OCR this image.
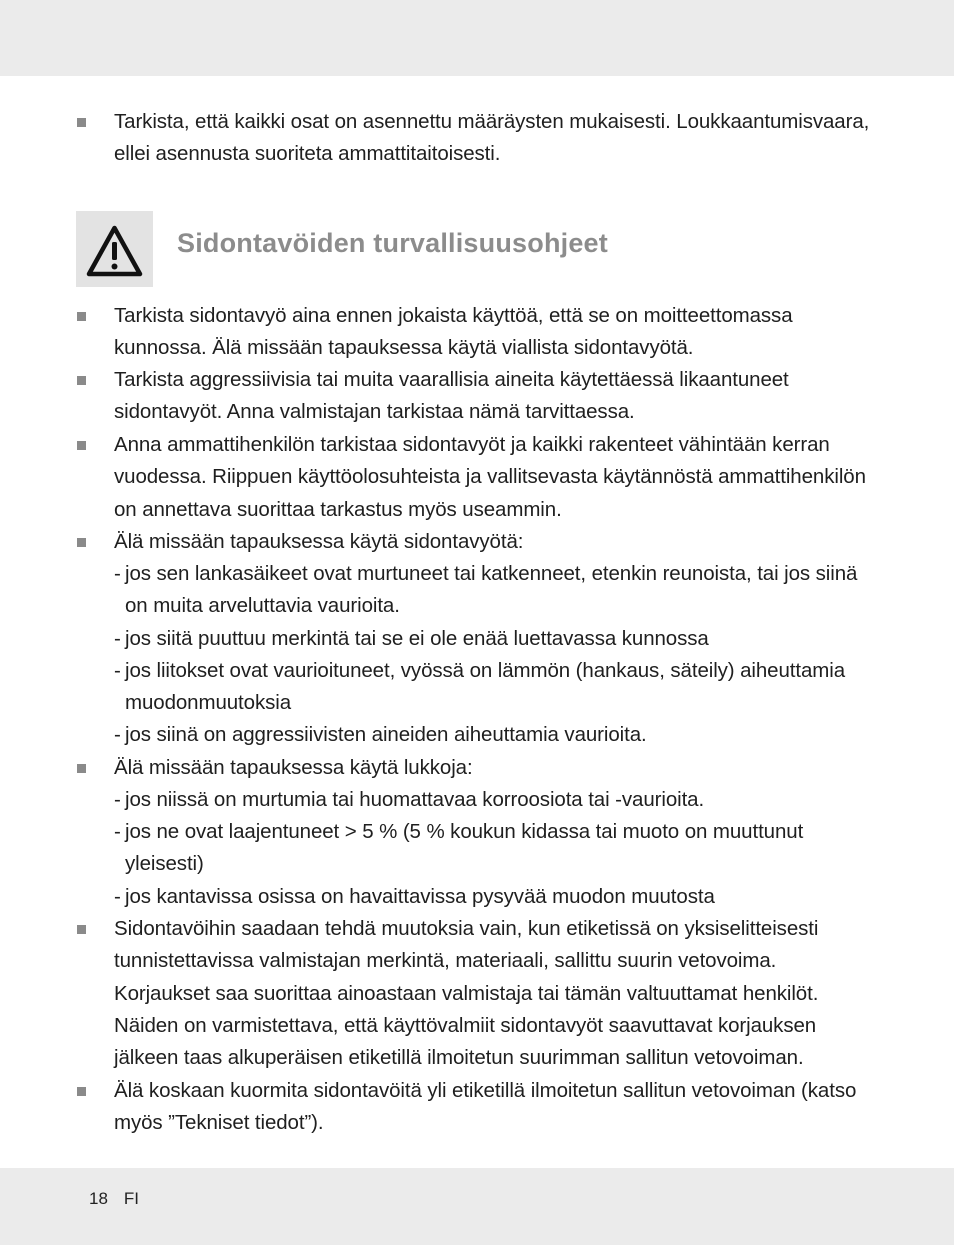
Tarkista, että kaikki osat on asennettu määräysten mukaisesti. Loukkaantumisvaara, ellei asennusta suoriteta ammattitaitoisesti.
Sidontavöiden turvallisuusohjeet
Tarkista sidontavyö aina ennen jokaista käyttöä, että se on moitteettomassa kunnossa. Älä missään tapauksessa käytä viallista sidontavyötä.
Tarkista aggressiivisia tai muita vaarallisia aineita käytettäessä likaantuneet sidontavyöt. Anna valmistajan tarkistaa nämä tarvittaessa.
Anna ammattihenkilön tarkistaa sidontavyöt ja kaikki rakenteet vähintään kerran vuodessa. Riippuen käyttöolosuhteista ja vallitsevasta käytännöstä ammattihenkilön on annettava suorittaa tarkastus myös useammin.
Älä missään tapauksessa käytä sidontavyötä:
- jos sen lankasäikeet ovat murtuneet tai katkenneet, etenkin reunoista, tai jos siinä on muita arveluttavia vaurioita.
- jos siitä puuttuu merkintä tai se ei ole enää luettavassa kunnossa
- jos liitokset ovat vaurioituneet, vyössä on lämmön (hankaus, säteily) aiheuttamia muodonmuutoksia
- jos siinä on aggressiivisten aineiden aiheuttamia vaurioita.
Älä missään tapauksessa käytä lukkoja:
- jos niissä on murtumia tai huomattavaa korroosiota tai -vaurioita.
- jos ne ovat laajentuneet > 5 % (5 % koukun kidassa tai muoto on muuttunut yleisesti)
- jos kantavissa osissa on havaittavissa pysyvää muodon muutosta
Sidontavöihin saadaan tehdä muutoksia vain, kun etiketissä on yksiselitteisesti tunnistettavissa valmistajan merkintä, materiaali, sallittu suurin vetovoima. Korjaukset saa suorittaa ainoastaan valmistaja tai tämän valtuuttamat henkilöt. Näiden on varmistettava, että käyttövalmiit sidontavyöt saavuttavat korjauksen jälkeen taas alkuperäisen etiketillä ilmoitetun suurimman sallitun vetovoiman.
Älä koskaan kuormita sidontavöitä yli etiketillä ilmoitetun sallitun vetovoiman (katso myös ”Tekniset tiedot”).
18 FI
